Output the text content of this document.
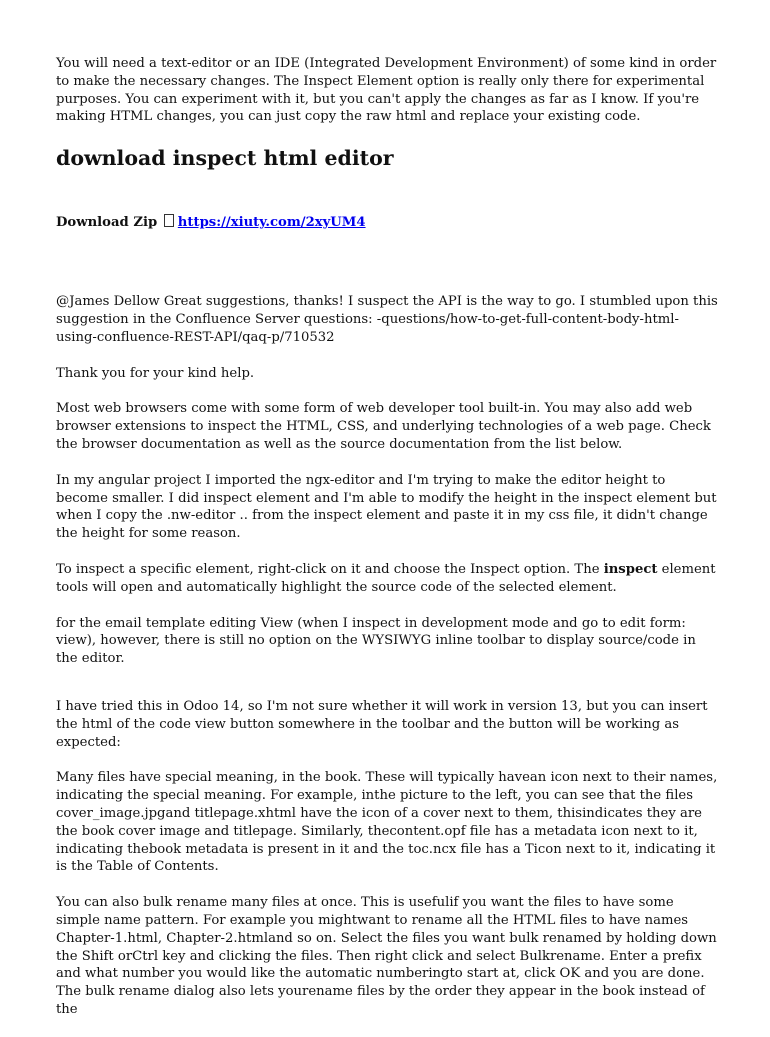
You will need a text-editor or an IDE (Integrated Development Environment) of some kind in order to make the necessary changes. The Inspect Element option is really only there for experimental purposes. You can experiment with it, but you can't apply the changes as far as I know. If you're making HTML changes, you can just copy the raw html and replace your existing code.

download inspect html editor
Download Zip https://xiuty.com/2xyUM4

@James Dellow Great suggestions, thanks! I suspect the API is the way to go. I stumbled upon this suggestion in the Confluence Server questions: -questions/how-to-get-full-content-body-html-using-confluence-REST-API/qaq-p/710532

Thank you for your kind help.

Most web browsers come with some form of web developer tool built-in. You may also add web browser extensions to inspect the HTML, CSS, and underlying technologies of a web page. Check the browser documentation as well as the source documentation from the list below.

In my angular project I imported the ngx-editor and I'm trying to make the editor height to become smaller. I did inspect element and I'm able to modify the height in the inspect element but when I copy the .nw-editor .. from the inspect element and paste it in my css file, it didn't change the height for some reason.

To inspect a specific element, right-click on it and choose the Inspect option. The inspect element tools will open and automatically highlight the source code of the selected element.

for the email template editing View (when I inspect in development mode and go to edit form: view), however, there is still no option on the WYSIWYG inline toolbar to display source/code in the editor.

I have tried this in Odoo 14, so I'm not sure whether it will work in version 13, but you can insert the html of the code view button somewhere in the toolbar and the button will be working as expected:

Many files have special meaning, in the book. These will typically havean icon next to their names, indicating the special meaning. For example, inthe picture to the left, you can see that the files cover_image.jpgand titlepage.xhtml have the icon of a cover next to them, thisindicates they are the book cover image and titlepage. Similarly, thecontent.opf file has a metadata icon next to it, indicating thebook metadata is present in it and the toc.ncx file has a Ticon next to it, indicating it is the Table of Contents.

You can also bulk rename many files at once. This is usefulif you want the files to have some simple name pattern. For example you mightwant to rename all the HTML files to have names Chapter-1.html, Chapter-2.htmland so on. Select the files you want bulk renamed by holding down the Shift orCtrl key and clicking the files. Then right click and select Bulkrename. Enter a prefix and what number you would like the automatic numberingto start at, click OK and you are done. The bulk rename dialog also lets yourename files by the order they appear in the book instead of the
